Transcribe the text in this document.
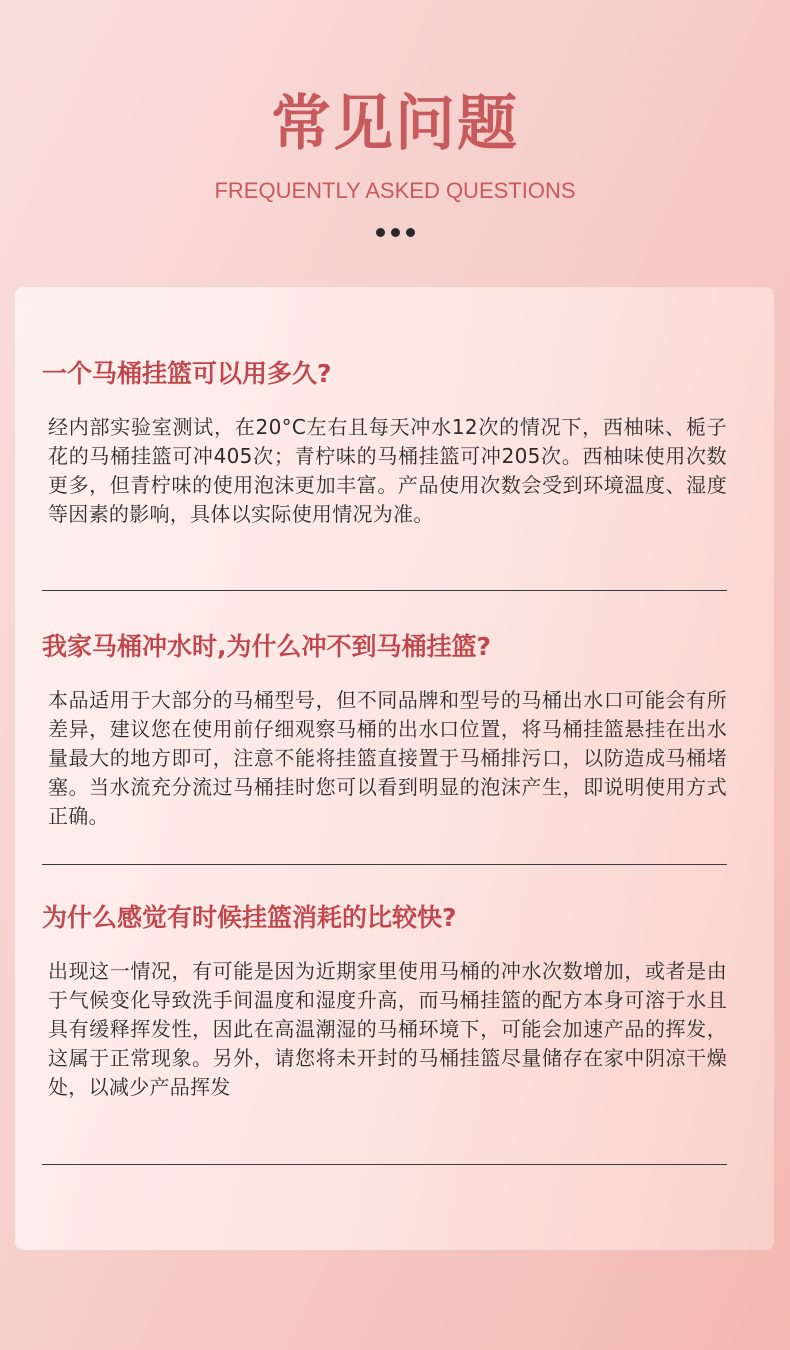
常见问题
FREQUENTLY ASKED QUESTIONS
一个马桶挂篮可以用多久?

经内部实验室测试，在20°C左右且每天冲水12次的情况下，西柚味、栀子花的马桶挂篮可冲405次；青柠味的马桶挂篮可冲205次。西柚味使用次数更多，但青柠味的使用泡沫更加丰富。产品使用次数会受到环境温度、湿度等因素的影响，具体以实际使用情况为准。

我家马桶冲水时,为什么冲不到马桶挂篮?

本品适用于大部分的马桶型号，但不同品牌和型号的马桶出水口可能会有所差异，建议您在使用前仔细观察马桶的出水口位置，将马桶挂篮悬挂在出水量最大的地方即可，注意不能将挂篮直接置于马桶排污口，以防造成马桶堵塞。当水流充分流过马桶挂时您可以看到明显的泡沫产生，即说明使用方式正确。

为什么感觉有时候挂篮消耗的比较快?

出现这一情况，有可能是因为近期家里使用马桶的冲水次数增加，或者是由于气候变化导致洗手间温度和湿度升高，而马桶挂篮的配方本身可溶于水且具有缓释挥发性，因此在高温潮湿的马桶环境下，可能会加速产品的挥发，这属于正常现象。另外，请您将未开封的马桶挂篮尽量储存在家中阴凉干燥处，以减少产品挥发
